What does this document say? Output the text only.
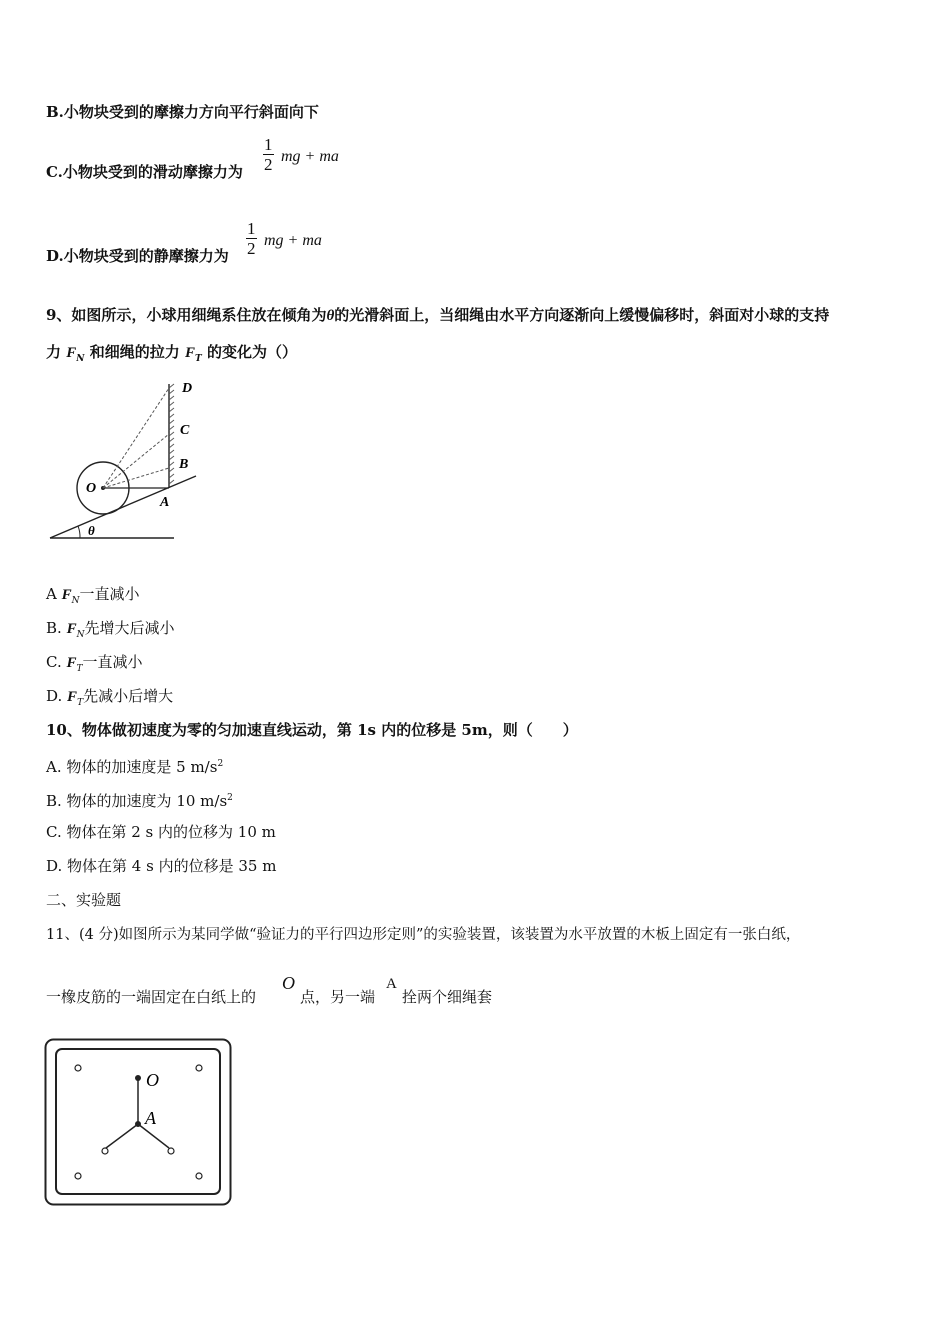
B.小物块受到的摩擦力方向平行斜面向下
C.小物块受到的滑动摩擦力为 $\frac{1}{2}$ mg + ma
D.小物块受到的静摩擦力为 $\frac{1}{2}$ mg + ma
9、如图所示，小球用细绳系住放在倾角为θ的光滑斜面上，当细绳由水平方向逐渐向上缓慢偏移时，斜面对小球的支持
力 $F_N$ 和细绳的拉力 $F_T$ 的变化为（）
θ
D
C
B
A
O
A $F_N$一直减小
B. $F_N$先增大后减小
C. $F_T$一直减小
D. $F_T$先减小后增大
10、物体做初速度为零的匀加速直线运动，第 1s 内的位移是 5m，则（　　）
A. 物体的加速度是 5 $m/s^2$
B. 物体的加速度为 10 $m/s^2$
C. 物体在第 2 s 内的位移为 10 m
D. 物体在第 4 s 内的位移是 35 m
二、实验题
11、(4 分)如图所示为某同学做“验证力的平行四边形定则”的实验装置，该装置为水平放置的木板上固定有一张白纸，
一橡皮筋的一端固定在白纸上的
O
点，另一端
A
拴两个细绳套
O
A
